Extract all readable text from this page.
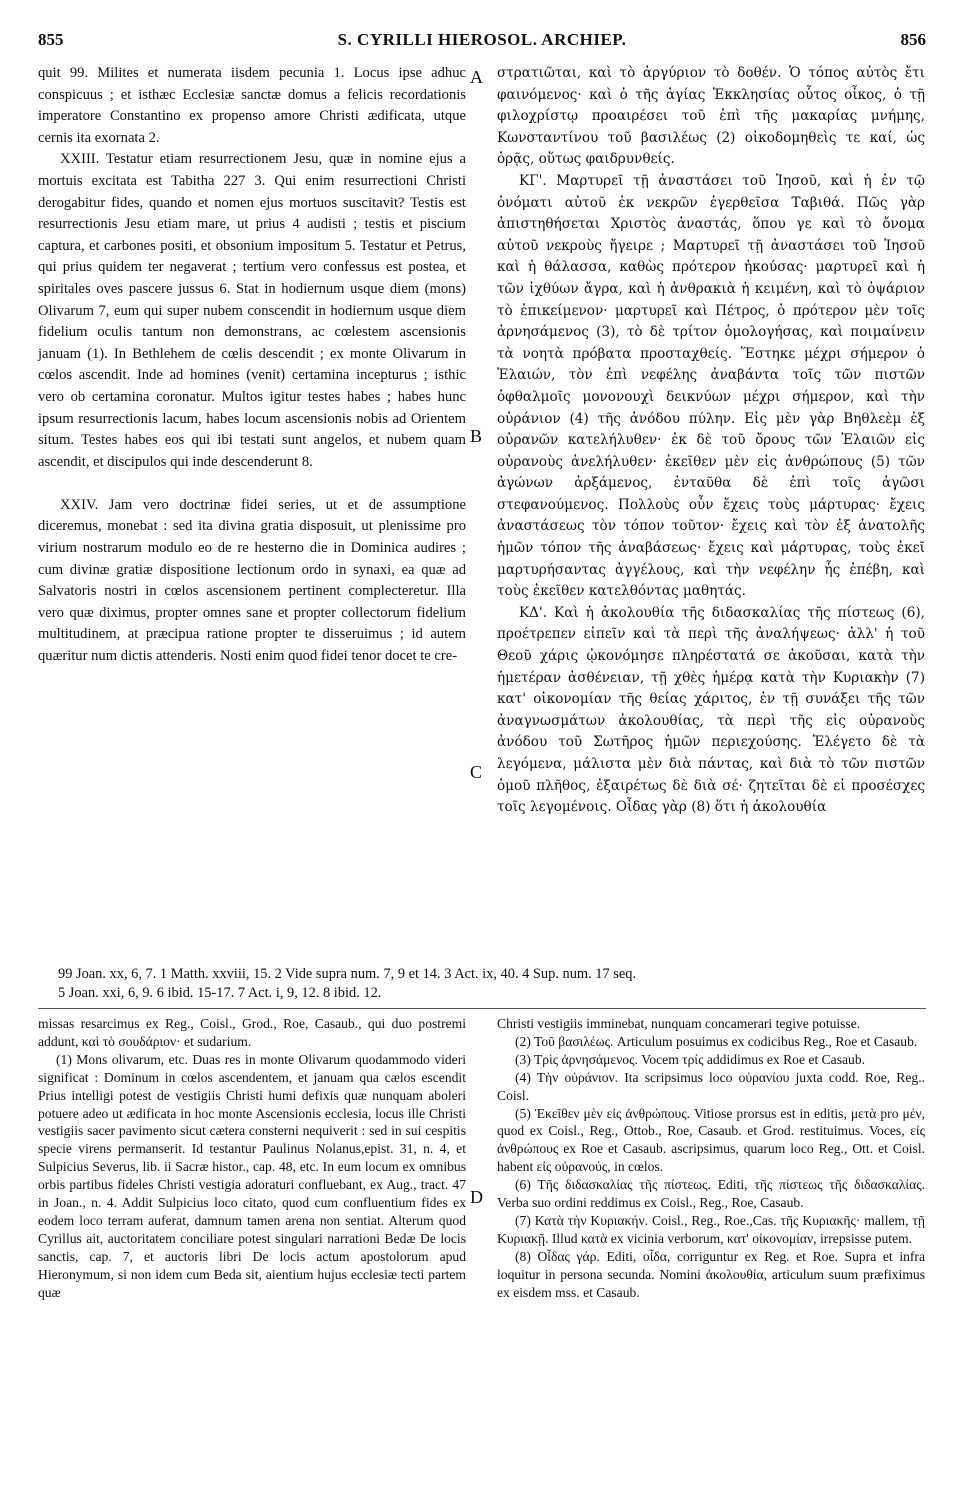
855	S. CYRILLI HIEROSOL. ARCHIEP.	856

quit 99. Milites et numerata iisdem pecunia 1. Locus ipse adhuc conspicuus ; et isthæc Ecclesiæ sanctæ domus a felicis recordationis imperatore Constantino ex propenso amore Christi ædificata, utque cernis ita exornata 2.

XXIII. Testatur etiam resurrectionem Jesu, quæ in nomine ejus a mortuis excitata est Tabitha 227 3. Qui enim resurrectioni Christi derogabitur fides, quando et nomen ejus mortuos suscitavit? Testis est resurrectionis Jesu etiam mare, ut prius 4 audisti ; testis et piscium captura, et carbones positi, et obsonium impositum 5. Testatur et Petrus, qui prius quidem ter negaverat ; tertium vero confessus est postea, et spiritales oves pascere jussus 6. Stat in hodiernum usque diem (mons) Olivarum 7, eum qui super nubem conscendit in hodiernum usque diem fidelium oculis tantum non demonstrans, ac cœlestem ascensionis januam (1). In Bethlehem de cœlis descendit ; ex monte Olivarum in cœlos ascendit. Inde ad homines (venit) certamina incepturus ; isthic vero ob certamina coronatur. Multos igitur testes habes ; habes hunc ipsum resurrectionis lacum, habes locum ascensionis nobis ad Orientem situm. Testes habes eos qui ibi testati sunt angelos, et nubem quam ascendit, et discipulos qui inde descenderunt 8.

XXIV. Jam vero doctrinæ fidei series, ut et de assumptione diceremus, monebat : sed ita divina gratia disposuit, ut plenissime pro virium nostrarum modulo eo de re hesterno die in Dominica audires ; cum divinæ gratiæ dispositione lectionum ordo in synaxi, ea quæ ad Salvatoris nostri in cœlos ascensionem pertinent complecteretur. Illa vero quæ diximus, propter omnes sane et propter collectorum fidelium multitudinem, at præcipua ratione propter te disseruimus ; id autem quæritur num dictis attenderis. Nosti enim quod fidei tenor docet te cre-

A
B
C
D

στρατιῶται, καὶ τὸ ἀργύριον τὸ δοθέν. Ὁ τόπος αὐτὸς ἔτι φαινόμενος· καὶ ὁ τῆς ἁγίας Ἐκκλησίας οὗτος οἶκος, ὁ τῇ φιλοχρίστῳ προαιρέσει τοῦ ἐπὶ τῆς μακαρίας μνήμης, Κωνσταντίνου τοῦ βασιλέως (2) οἰκοδομηθεὶς τε καί, ὡς ὁρᾷς, οὕτως φαιδρυνθείς.

ΚΓ'. Μαρτυρεῖ τῇ ἀναστάσει τοῦ Ἰησοῦ, καὶ ἡ ἐν τῷ ὀνόματι αὐτοῦ ἐκ νεκρῶν ἐγερθεῖσα Ταβιθά. Πῶς γὰρ ἀπιστηθήσεται Χριστὸς ἀναστάς, ὅπου γε καὶ τὸ ὄνομα αὐτοῦ νεκροὺς ἤγειρε ; Μαρτυρεῖ τῇ ἀναστάσει τοῦ Ἰησοῦ καὶ ἡ θάλασσα, καθὼς πρότερον ἠκούσας· μαρτυρεῖ καὶ ἡ τῶν ἰχθύων ἄγρα, καὶ ἡ ἀνθρακιὰ ἡ κειμένη, καὶ τὸ ὀψάριον τὸ ἐπικείμενον· μαρτυρεῖ καὶ Πέτρος, ὁ πρότερον μὲν τοῖς ἀρνησάμενος (3), τὸ δὲ τρίτον ὁμολογήσας, καὶ ποιμαίνειν τὰ νοητὰ πρόβατα προσταχθείς. Ἕστηκε μέχρι σήμερον ὁ Ἐλαιών, τὸν ἐπὶ νεφέλης ἀναβάντα τοῖς τῶν πιστῶν ὀφθαλμοῖς μονονουχὶ δεικνύων μέχρι σήμερον, καὶ τὴν οὐράνιον (4) τῆς ἀνόδου πύλην. Εἰς μὲν γὰρ Βηθλεὲμ ἐξ οὐρανῶν κατελήλυθεν· ἐκ δὲ τοῦ ὄρους τῶν Ἐλαιῶν εἰς οὐρανοὺς ἀνελήλυθεν· ἐκεῖθεν μὲν εἰς ἀνθρώπους (5) τῶν ἀγώνων ἀρξάμενος, ἐνταῦθα δὲ ἐπὶ τοῖς ἀγῶσι στεφανούμενος. Πολλοὺς οὖν ἔχεις τοὺς μάρτυρας· ἔχεις ἀναστάσεως τὸν τόπον τοῦτον· ἔχεις καὶ τὸν ἐξ ἀνατολῆς ἡμῶν τόπον τῆς ἀναβάσεως· ἔχεις καὶ μάρτυρας, τοὺς ἐκεῖ μαρτυρήσαντας ἀγγέλους, καὶ τὴν νεφέλην ἧς ἐπέβη, καὶ τοὺς ἐκεῖθεν κατελθόντας μαθητάς.

ΚΔ'. Καὶ ἡ ἀκολουθία τῆς διδασκαλίας τῆς πίστεως (6), προέτρεπεν εἰπεῖν καὶ τὰ περὶ τῆς ἀναλήψεως· ἀλλ' ἡ τοῦ Θεοῦ χάρις ᾠκονόμησε πληρέστατά σε ἀκοῦσαι, κατὰ τὴν ἡμετέραν ἀσθένειαν, τῇ χθὲς ἡμέρᾳ κατὰ τὴν Κυριακὴν (7) κατ' οἰκονομίαν τῆς θείας χάριτος, ἐν τῇ συνάξει τῆς τῶν ἀναγνωσμάτων ἀκολουθίας, τὰ περὶ τῆς εἰς οὐρανοὺς ἀνόδου τοῦ Σωτῆρος ἡμῶν περιεχούσης. Ἐλέγετο δὲ τὰ λεγόμενα, μάλιστα μὲν διὰ πάντας, καὶ διὰ τὸ τῶν πιστῶν ὁμοῦ πλῆθος, ἐξαιρέτως δὲ διὰ σέ· ζητεῖται δὲ εἰ προσέσχες τοῖς λεγομένοις. Οἶδας γὰρ (8) ὅτι ἡ ἀκολουθία

99 Joan. xx, 6, 7. 1 Matth. xxviii, 15. 2 Vide supra num. 7, 9 et 14. 3 Act. ix, 40. 4 Sup. num. 17 seq.
5 Joan. xxi, 6, 9. 6 ibid. 15-17. 7 Act. i, 9, 12. 8 ibid. 12.

missas resarcimus ex Reg., Coisl., Grod., Roe, Casaub., qui duo postremi addunt, καὶ τὸ σουδάριον· et sudarium.

(1) Mons olivarum, etc. Duas res in monte Olivarum quodammodo videri significat : Dominum in cœlos ascendentem, et januam qua cælos escendit Prius intelligi potest de vestigiis Christi humi defixis quæ nunquam aboleri potuere adeo ut ædificata in hoc monte Ascensionis ecclesia, locus ille Christi vestigiis sacer pavimento sicut cætera consterni nequiverit : sed in sui cespitis specie virens permanserit. Id testantur Paulinus Nolanus,epist. 31, n. 4, et Sulpicius Severus, lib. ii Sacræ histor., cap. 48, etc. In eum locum ex omnibus orbis partibus fideles Christi vestigia adoraturi confluebant, ex Aug., tract. 47 in Joan., n. 4. Addit Sulpicius loco citato, quod cum confluentium fides ex eodem loco terram auferat, damnum tamen arena non sentiat. Alterum quod Cyrillus ait, auctoritatem conciliare potest singulari narrationi Bedæ De locis sanctis, cap. 7, et auctoris libri De locis actum apostolorum apud Hieronymum, si non idem cum Beda sit, aientium hujus ecclesiæ tecti partem quæ

Christi vestigiis imminebat, nunquam concamerari tegive potuisse.

(2) Τοῦ βασιλέως. Articulum posuimus ex codicibus Reg., Roe et Casaub.

(3) Τρὶς ἀρνησάμενος. Vocem τρίς addidimus ex Roe et Casaub.

(4) Τὴν οὐράνιον. Ita scripsimus loco οὐρανίου juxta codd. Roe, Reg.. Coisl.

(5) Ἐκεῖθεν μὲν εἰς ἀνθρώπους. Vitiose prorsus est in editis, μετὰ pro μέν, quod ex Coisl., Reg., Ottob., Roe, Casaub. et Grod. restituimus. Voces, εἰς ἀνθρώπους ex Roe et Casaub. ascripsimus, quarum loco Reg., Ott. et Coisl. habent εἰς οὐρανούς, in cœlos.

(6) Τῆς διδασκαλίας τῆς πίστεως. Editi, τῆς πίστεως τῆς διδασκαλίας. Verba suo ordini reddimus ex Coisl., Reg., Roe, Casaub.

(7) Κατὰ τὴν Κυριακήν. Coisl., Reg., Roe.,Cas. τῆς Κυριακῆς· mallem, τῇ Κυριακῇ. Illud κατὰ ex vicinia verborum, κατ' οἰκονομίαν, irrepsisse putem.

(8) Οἶδας γάρ. Editi, οἶδα, corriguntur ex Reg. et Roe. Supra et infra loquitur in persona secunda. Nomini ἀκολουθία, articulum suum præfiximus ex eisdem mss. et Casaub.
